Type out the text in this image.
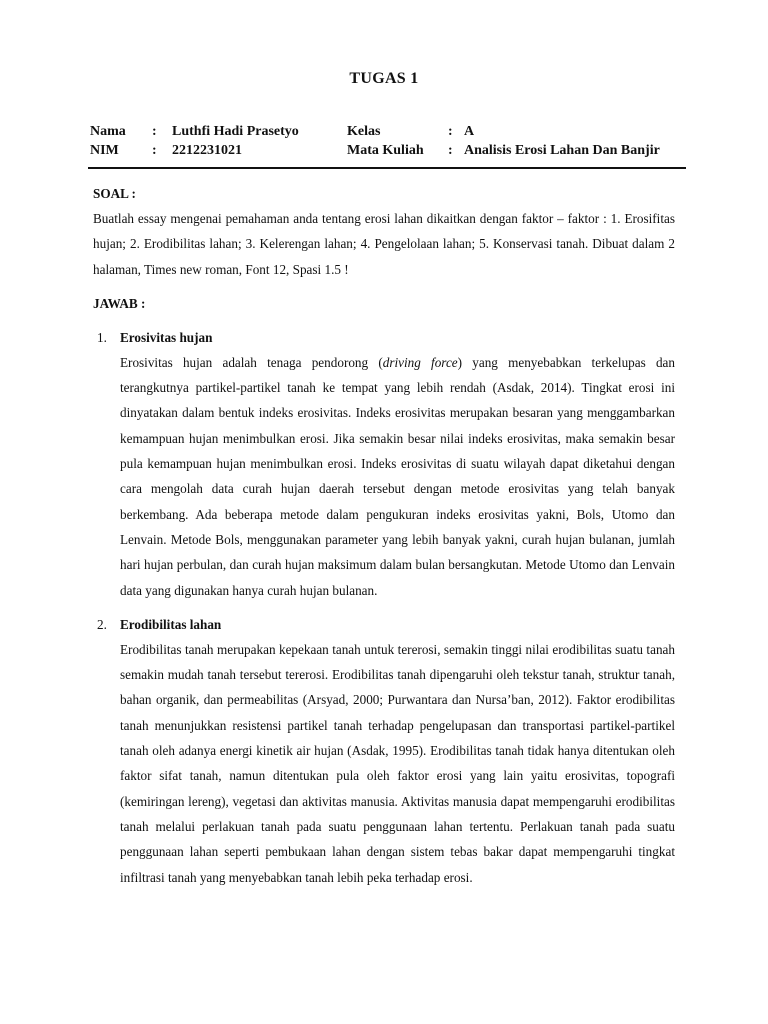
TUGAS 1
Nama : Luthfi Hadi Prasetyo	Kelas	: A
NIM : 2212231021	Mata Kuliah : Analisis Erosi Lahan Dan Banjir

SOAL :

Buatlah essay mengenai pemahaman anda tentang erosi lahan dikaitkan dengan faktor – faktor : 1. Erosifitas hujan; 2. Erodibilitas lahan; 3. Kelerengan lahan; 4. Pengelolaan lahan; 5. Konservasi tanah. Dibuat dalam 2 halaman, Times new roman, Font 12, Spasi 1.5 !

JAWAB :

1. Erosivitas hujan

Erosivitas hujan adalah tenaga pendorong (driving force) yang menyebabkan terkelupas dan terangkutnya partikel-partikel tanah ke tempat yang lebih rendah (Asdak, 2014). Tingkat erosi ini dinyatakan dalam bentuk indeks erosivitas. Indeks erosivitas merupakan besaran yang menggambarkan kemampuan hujan menimbulkan erosi. Jika semakin besar nilai indeks erosivitas, maka semakin besar pula kemampuan hujan menimbulkan erosi. Indeks erosivitas di suatu wilayah dapat diketahui dengan cara mengolah data curah hujan daerah tersebut dengan metode erosivitas yang telah banyak berkembang. Ada beberapa metode dalam pengukuran indeks erosivitas yakni, Bols, Utomo dan Lenvain. Metode Bols, menggunakan parameter yang lebih banyak yakni, curah hujan bulanan, jumlah hari hujan perbulan, dan curah hujan maksimum dalam bulan bersangkutan. Metode Utomo dan Lenvain data yang digunakan hanya curah hujan bulanan.

2. Erodibilitas lahan

Erodibilitas tanah merupakan kepekaan tanah untuk tererosi, semakin tinggi nilai erodibilitas suatu tanah semakin mudah tanah tersebut tererosi. Erodibilitas tanah dipengaruhi oleh tekstur tanah, struktur tanah, bahan organik, dan permeabilitas (Arsyad, 2000; Purwantara dan Nursa’ban, 2012). Faktor erodibilitas tanah menunjukkan resistensi partikel tanah terhadap pengelupasan dan transportasi partikel-partikel tanah oleh adanya energi kinetik air hujan (Asdak, 1995). Erodibilitas tanah tidak hanya ditentukan oleh faktor sifat tanah, namun ditentukan pula oleh faktor erosi yang lain yaitu erosivitas, topografi (kemiringan lereng), vegetasi dan aktivitas manusia. Aktivitas manusia dapat mempengaruhi erodibilitas tanah melalui perlakuan tanah pada suatu penggunaan lahan tertentu. Perlakuan tanah pada suatu penggunaan lahan seperti pembukaan lahan dengan sistem tebas bakar dapat mempengaruhi tingkat infiltrasi tanah yang menyebabkan tanah lebih peka terhadap erosi.
